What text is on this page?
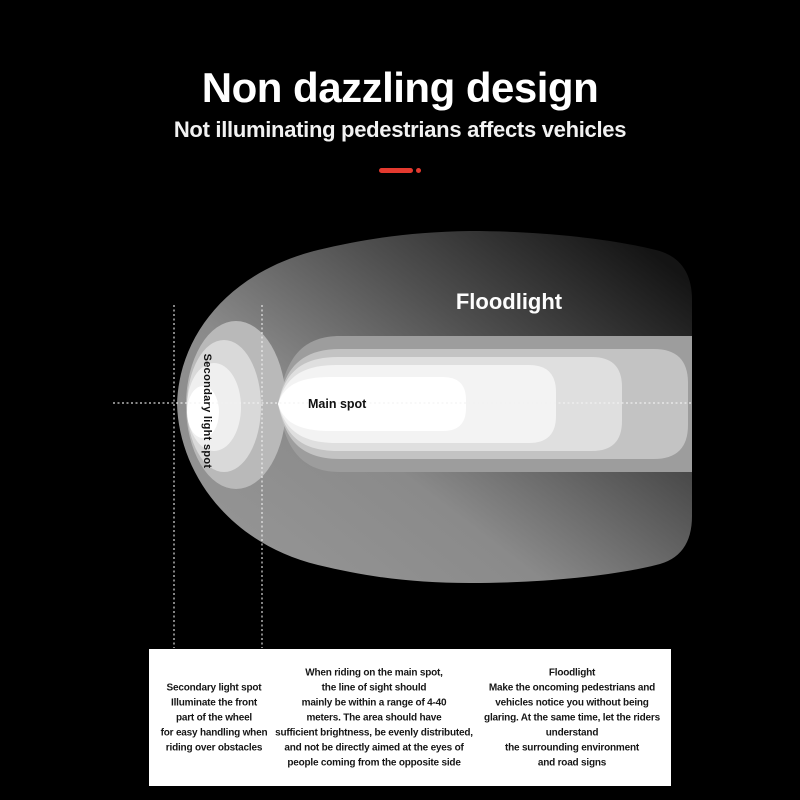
Non dazzling design
Not illuminating pedestrians affects vehicles
Floodlight
Main spot
Secondary light spot
Secondary light spot
Illuminate the front
part of the wheel
for easy handling when
riding over obstacles
When riding on the main spot,
the line of sight should
mainly be within a range of 4-40
meters. The area should have
sufficient brightness, be evenly distributed,
and not be directly aimed at the eyes of
people coming from the opposite side
Floodlight
Make the oncoming pedestrians and
vehicles notice you without being
glaring. At the same time, let the riders
understand
the surrounding environment
and road signs
